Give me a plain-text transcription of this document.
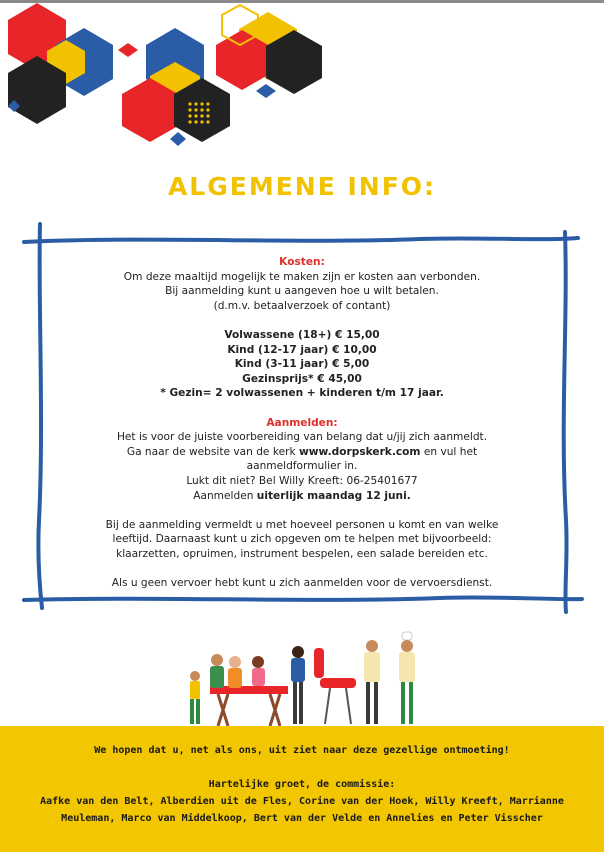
ALGEMENE INFO:

Kosten:

Om deze maaltijd mogelijk te maken zijn er kosten aan verbonden.

Bij aanmelding kunt u aangeven hoe u wilt betalen.

(d.m.v. betaalverzoek of contant)

Volwassene (18+) € 15,00

Kind (12-17 jaar) € 10,00

Kind (3-11 jaar) € 5,00

Gezinsprijs* € 45,00

* Gezin= 2 volwassenen + kinderen t/m 17 jaar.

Aanmelden:

Het is voor de juiste voorbereiding van belang dat u/jij zich aanmeldt.

Ga naar de website van de kerk www.dorpskerk.com en vul het

aanmeldformulier in.

Lukt dit niet? Bel Willy Kreeft: 06-25401677

Aanmelden uiterlijk maandag 12 juni.

Bij de aanmelding vermeldt u met hoeveel personen u komt en van welke

leeftijd. Daarnaast kunt u zich opgeven om te helpen met bijvoorbeeld:

klaarzetten, opruimen, instrument bespelen, een salade bereiden etc.

Als u geen vervoer hebt kunt u zich aanmelden voor de vervoersdienst.

We hopen dat u, net als ons, uit ziet naar deze gezellige ontmoeting!

Hartelijke groet, de commissie:

Aafke van den Belt, Alberdien uit de Fles, Corine van der Hoek, Willy Kreeft, Marrianne

Meuleman, Marco van Middelkoop, Bert van der Velde en Annelies en Peter Visscher
